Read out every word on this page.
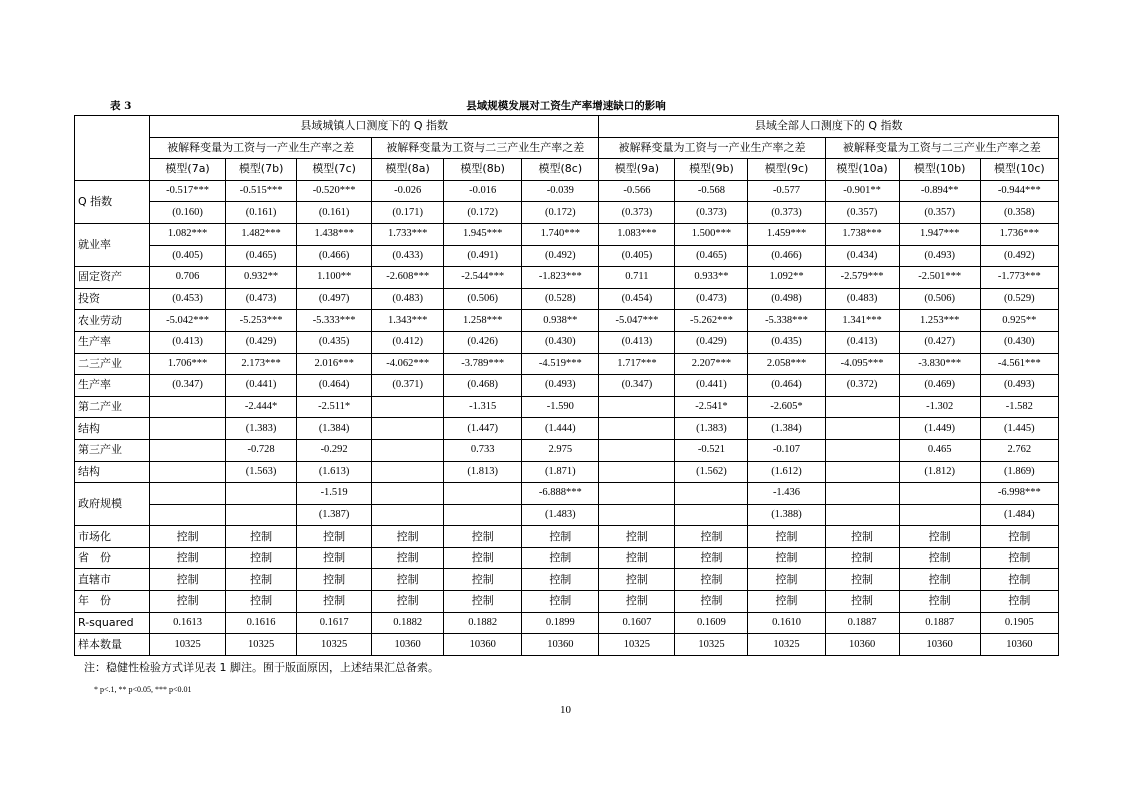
表 3	县域规模发展对工资生产率增速缺口的影响
	县域城镇人口测度下的 Q 指数						县域全部人口测度下的 Q 指数					
	被解释变量为工资与一产业生产率之差			被解释变量为工资与二三产业生产率之差			被解释变量为工资与一产业生产率之差			被解释变量为工资与二三产业生产率之差		
	模型(7a)	模型(7b)	模型(7c)	模型(8a)	模型(8b)	模型(8c)	模型(9a)	模型(9b)	模型(9c)	模型(10a)	模型(10b)	模型(10c)
Q 指数	-0.517***	-0.515***	-0.520***	-0.026	-0.016	-0.039	-0.566	-0.568	-0.577	-0.901**	-0.894**	-0.944***
	(0.160)	(0.161)	(0.161)	(0.171)	(0.172)	(0.172)	(0.373)	(0.373)	(0.373)	(0.357)	(0.357)	(0.358)
就业率	1.082***	1.482***	1.438***	1.733***	1.945***	1.740***	1.083***	1.500***	1.459***	1.738***	1.947***	1.736***
	(0.405)	(0.465)	(0.466)	(0.433)	(0.491)	(0.492)	(0.405)	(0.465)	(0.466)	(0.434)	(0.493)	(0.492)
固定资产	0.706	0.932**	1.100**	-2.608***	-2.544***	-1.823***	0.711	0.933**	1.092**	-2.579***	-2.501***	-1.773***
投资	(0.453)	(0.473)	(0.497)	(0.483)	(0.506)	(0.528)	(0.454)	(0.473)	(0.498)	(0.483)	(0.506)	(0.529)
农业劳动	-5.042***	-5.253***	-5.333***	1.343***	1.258***	0.938**	-5.047***	-5.262***	-5.338***	1.341***	1.253***	0.925**
生产率	(0.413)	(0.429)	(0.435)	(0.412)	(0.426)	(0.430)	(0.413)	(0.429)	(0.435)	(0.413)	(0.427)	(0.430)
二三产业	1.706***	2.173***	2.016***	-4.062***	-3.789***	-4.519***	1.717***	2.207***	2.058***	-4.095***	-3.830***	-4.561***
生产率	(0.347)	(0.441)	(0.464)	(0.371)	(0.468)	(0.493)	(0.347)	(0.441)	(0.464)	(0.372)	(0.469)	(0.493)
第二产业		-2.444*	-2.511*		-1.315	-1.590		-2.541*	-2.605*		-1.302	-1.582
结构		(1.383)	(1.384)		(1.447)	(1.444)		(1.383)	(1.384)		(1.449)	(1.445)
第三产业		-0.728	-0.292		0.733	2.975		-0.521	-0.107		0.465	2.762
结构		(1.563)	(1.613)		(1.813)	(1.871)		(1.562)	(1.612)		(1.812)	(1.869)
政府规模			-1.519			-6.888***			-1.436			-6.998***
			(1.387)			(1.483)			(1.388)			(1.484)
市场化	控制	控制	控制	控制	控制	控制	控制	控制	控制	控制	控制	控制
省　份	控制	控制	控制	控制	控制	控制	控制	控制	控制	控制	控制	控制
直辖市	控制	控制	控制	控制	控制	控制	控制	控制	控制	控制	控制	控制
年　份	控制	控制	控制	控制	控制	控制	控制	控制	控制	控制	控制	控制
R-squared	0.1613	0.1616	0.1617	0.1882	0.1882	0.1899	0.1607	0.1609	0.1610	0.1887	0.1887	0.1905
样本数量	10325	10325	10325	10360	10360	10360	10325	10325	10325	10360	10360	10360
注：稳健性检验方式详见表 1 脚注。囿于版面原因，上述结果汇总备索。
* p<.1, ** p<0.05, *** p<0.01
10
